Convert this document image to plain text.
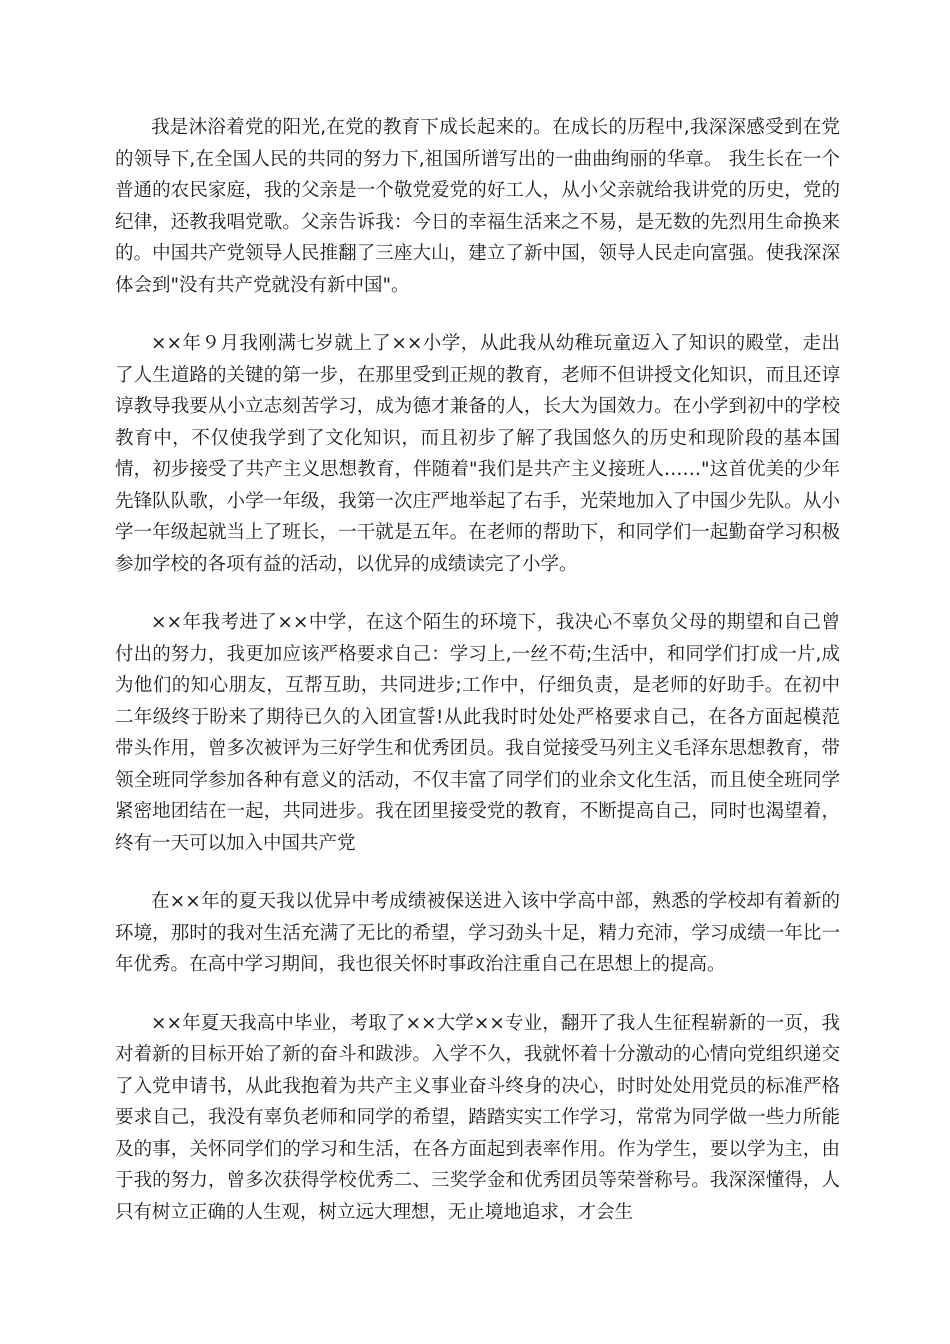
我是沐浴着党的阳光,在党的教育下成长起来的。在成长的历程中,我深深感受到在党的领导下,在全国人民的共同的努力下,祖国所谱写出的一曲曲绚丽的华章。 我生长在一个普通的农民家庭，我的父亲是一个敬党爱党的好工人，从小父亲就给我讲党的历史，党的纪律，还教我唱党歌。父亲告诉我：今日的幸福生活来之不易，是无数的先烈用生命换来的。中国共产党领导人民推翻了三座大山，建立了新中国，领导人民走向富强。使我深深体会到"没有共产党就没有新中国"。

××年９月我刚满七岁就上了××小学，从此我从幼稚玩童迈入了知识的殿堂，走出了人生道路的关键的第一步，在那里受到正规的教育，老师不但讲授文化知识，而且还谆谆教导我要从小立志刻苦学习，成为德才兼备的人，长大为国效力。在小学到初中的学校教育中，不仅使我学到了文化知识，而且初步了解了我国悠久的历史和现阶段的基本国情，初步接受了共产主义思想教育，伴随着"我们是共产主义接班人……"这首优美的少年先锋队队歌，小学一年级，我第一次庄严地举起了右手，光荣地加入了中国少先队。从小学一年级起就当上了班长，一干就是五年。在老师的帮助下，和同学们一起勤奋学习积极参加学校的各项有益的活动，以优异的成绩读完了小学。

××年我考进了××中学，在这个陌生的环境下，我决心不辜负父母的期望和自己曾付出的努力，我更加应该严格要求自己：学习上,一丝不苟;生活中，和同学们打成一片,成为他们的知心朋友，互帮互助，共同进步;工作中，仔细负责，是老师的好助手。在初中二年级终于盼来了期待已久的入团宣誓!从此我时时处处严格要求自己，在各方面起模范带头作用，曾多次被评为三好学生和优秀团员。我自觉接受马列主义毛泽东思想教育，带领全班同学参加各种有意义的活动，不仅丰富了同学们的业余文化生活，而且使全班同学紧密地团结在一起，共同进步。我在团里接受党的教育，不断提高自己，同时也渴望着，终有一天可以加入中国共产党

在××年的夏天我以优异中考成绩被保送进入该中学高中部，熟悉的学校却有着新的环境，那时的我对生活充满了无比的希望，学习劲头十足，精力充沛，学习成绩一年比一年优秀。在高中学习期间，我也很关怀时事政治注重自己在思想上的提高。

××年夏天我高中毕业，考取了××大学××专业，翻开了我人生征程崭新的一页，我对着新的目标开始了新的奋斗和跋涉。入学不久，我就怀着十分激动的心情向党组织递交了入党申请书，从此我抱着为共产主义事业奋斗终身的决心，时时处处用党员的标准严格要求自己，我没有辜负老师和同学的希望，踏踏实实工作学习，常常为同学做一些力所能及的事，关怀同学们的学习和生活，在各方面起到表率作用。作为学生，要以学为主，由于我的努力，曾多次获得学校优秀二、三奖学金和优秀团员等荣誉称号。我深深懂得，人只有树立正确的人生观，树立远大理想，无止境地追求，才会生
